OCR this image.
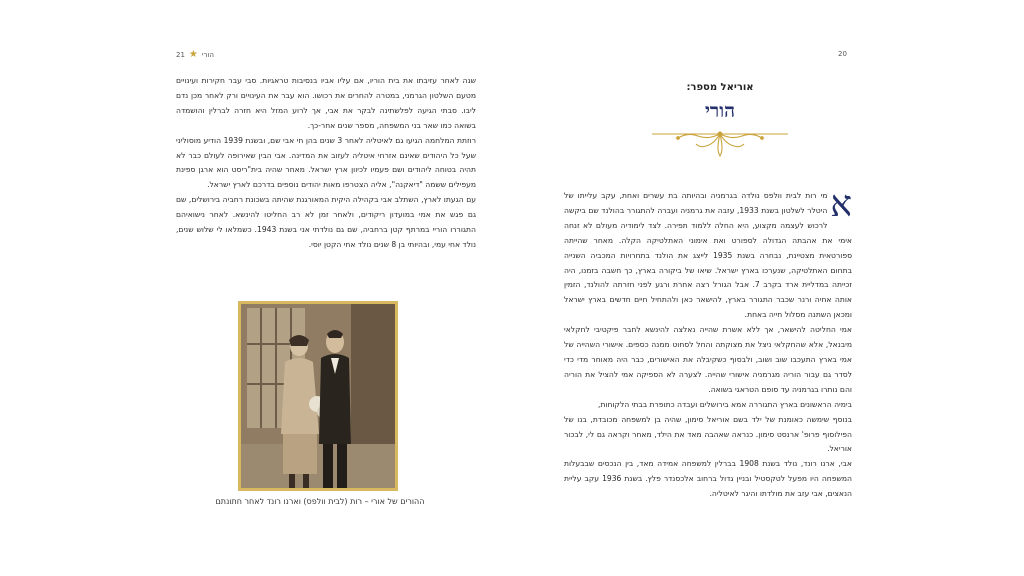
הורי
★
21

שנה לאחר עזיבתו את בית הוריו, אם עליו אביו בנסיבות טראגיות. סבי עבר חקירות ועינויים מטעם השלטון הגרמני, במטרה להחרים את רכושו. הוא עבר את העינויים ורק לאחר מכן נדם ליבו. סבתי הגיעה לפלשתינה לבקר את אבי, אך לרוע המזל היא חזרה לברלין והושמדה בשואה כמו שאר בני המשפחה, מספר שנים אחר-כך.

רוזתת המלחמה הגיעו גם לאיטליה לאחר 3 שנים בהן חי אבי שם, ובשנת 1939 הודיע מוסוליני שעל כל היהודים שאינם אזרחי איטליה לעזוב את המדינה. אבי הבין שאירופה לעולם כבר לא תהיה בטוחה ליהודים ושם פעמיו לכיוון ארץ ישראל. מאחר שהיה בית"ריסט הוא ארגן ספינת מעפילים ששמה "דיאקנה", אליה הצטרפו מאות יהודים נוספים בדרכם לארץ ישראל.

עם הגעתו לארץ, השתלב אבי בקהילה היקית המאורגנת שהיתה בשכונת רחביה בירושלים, שם גם פגש את אמי במועדון ריקודים, ולאחר זמן לא רב החליטו להינשא. לאחר נישואיהם התגוררו הוריי במרתף קטן ברחביה, שם גם נולדתי אני בשנת 1943. כשמלאו לי שלוש שנים, נולד אחי עמי, ובהיותי בן 8 שנים נולד אחי הקטן יוסי.

ההורים של אורי – רות (לבית וולפס) וארנו רונד לאחר חתונתם
20
אוריאל מספר:
הורי

א
מי רות לבית וולפס נולדה בגרמניה ובהיותה בת עשרים ואחת, עקב עלייתו של היטלר לשלטון בשנת 1933, עזבה את גרמניה ועברה להתגורר בהולנד שם ביקשה לרכוש לעצמה מקצוע, היא החלה ללמוד תפירה. לצד לימודיה מעולם לא זנחה אימי את אהבתה הגדולה לספורט ואת אימוני האתלטיקה הקלה. מאחר שהייתה ספורטאית מצטיינת, נבחרה בשנת 1935 לייצג את הולנד בתחרויות המכביה השנייה בתחום האתלטיקה, שנערכו בארץ ישראל. שיאו של ביקורה בארץ, כך חשבה בזמנו, היה זכייתה במדליית ארד בקרב 7. אבל הגורל רצה אחרת ורגע לפני חזרתה להולנד, הזמין אותה אחיה ורנר שכבר התגורר בארץ, להישאר כאן ולהתחיל חיים חדשים בארץ ישראל ומכאן השתנה מסלול חייה באחת.

אמי החליטה להישאר, אך ללא אשרת שהייה נאלצה להינשא לחבר פיקטיבי לחקלאי מיבנאל, אלא שהחקלאי ניצל את מצוקתה והחל לסחוט ממנה כספים. אישורי השהייה של אמי בארץ התעכבו שוב ושוב, ולבסוף כשקיבלה את האישורים, כבר היה מאוחר מדי כדי לסדר גם עבור הוריה מגרמניה אישורי שהייה. לצערה לא הספיקה אמי להציל את הוריה והם נותרו בגרמניה עד סופם הטראגי בשואה.

בימיה הראשונים בארץ התגוררה אמא בירושלים ועבדה כתופרת בבתי הלקוחות,

בנוסף שימשה כאומנת של ילד בשם אוריאל סימון, שהיה בן למשפחה מכובדת, בנו של הפילוסוף פרופ' ארנסט סימון. כנראה שאהבה מאד את הילד, מאחר וקראה גם לי, לבכור אוריאל.

אבי, ארנו רונד, נולד בשנת 1908 בברלין למשפחה אמידה מאד, בין הנכסים שבבעלות המשפחה היו מפעל לטקסטיל ובניין גדול ברחוב אלכסנדר פלץ. בשנת 1936 עקב עליית הנאצים, אבי עזב את מולדתו והיגר לאיטליה.
